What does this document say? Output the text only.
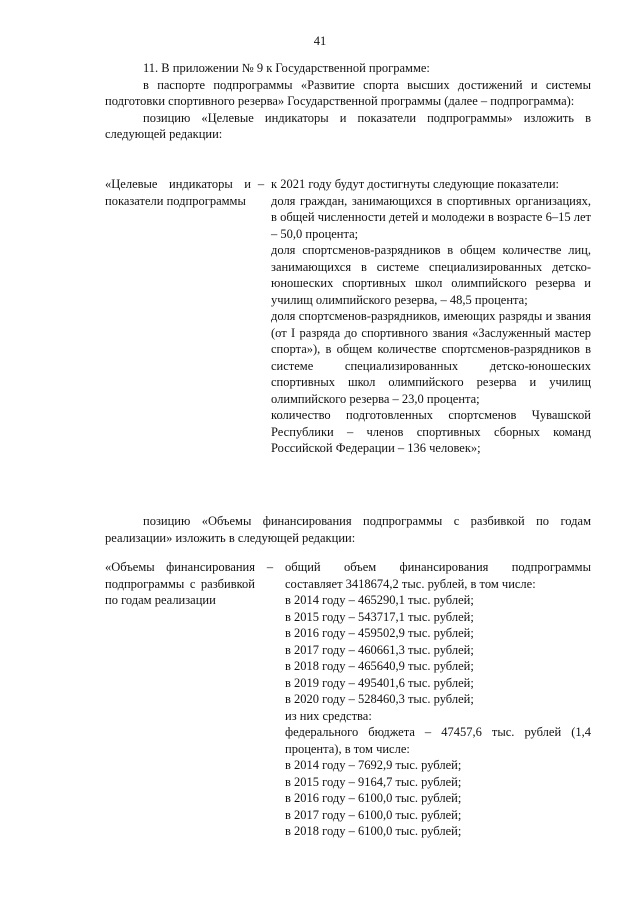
41

11. В приложении № 9 к Государственной программе:

в паспорте подпрограммы «Развитие спорта высших достижений и системы подготовки спортивного резерва» Государственной программы (далее – подпрограмма):

позицию «Целевые индикаторы и показатели подпрограммы» изложить в следующей редакции:

«Целевые индикаторы и показатели подпрограммы
– к 2021 году будут достигнуты следующие показатели:

доля граждан, занимающихся в спортивных организациях, в общей численности детей и молодежи в возрасте 6–15 лет – 50,0 процента;

доля спортсменов-разрядников в общем количестве лиц, занимающихся в системе специализированных детско-юношеских спортивных школ олимпийского резерва и училищ олимпийского резерва, – 48,5 процента;

доля спортсменов-разрядников, имеющих разряды и звания (от I разряда до спортивного звания «Заслуженный мастер спорта»), в общем количестве спортсменов-разрядников в системе специализированных детско-юношеских спортивных школ олимпийского резерва и училищ олимпийского резерва – 23,0 процента;

количество подготовленных спортсменов Чувашской Республики – членов спортивных сборных команд Российской Федерации – 136 человек»;

позицию «Объемы финансирования подпрограммы с разбивкой по годам реализации» изложить в следующей редакции:

«Объемы финансирования подпрограммы с разбивкой по годам реализации
– общий объем финансирования подпрограммы составляет 3418674,2 тыс. рублей, в том числе:

в 2014 году – 465290,1 тыс. рублей;

в 2015 году – 543717,1 тыс. рублей;

в 2016 году – 459502,9 тыс. рублей;

в 2017 году – 460661,3 тыс. рублей;

в 2018 году – 465640,9 тыс. рублей;

в 2019 году – 495401,6 тыс. рублей;

в 2020 году – 528460,3 тыс. рублей;

из них средства:

федерального бюджета – 47457,6 тыс. рублей (1,4 процента), в том числе:

в 2014 году – 7692,9 тыс. рублей;

в 2015 году – 9164,7 тыс. рублей;

в 2016 году – 6100,0 тыс. рублей;

в 2017 году – 6100,0 тыс. рублей;

в 2018 году – 6100,0 тыс. рублей;
